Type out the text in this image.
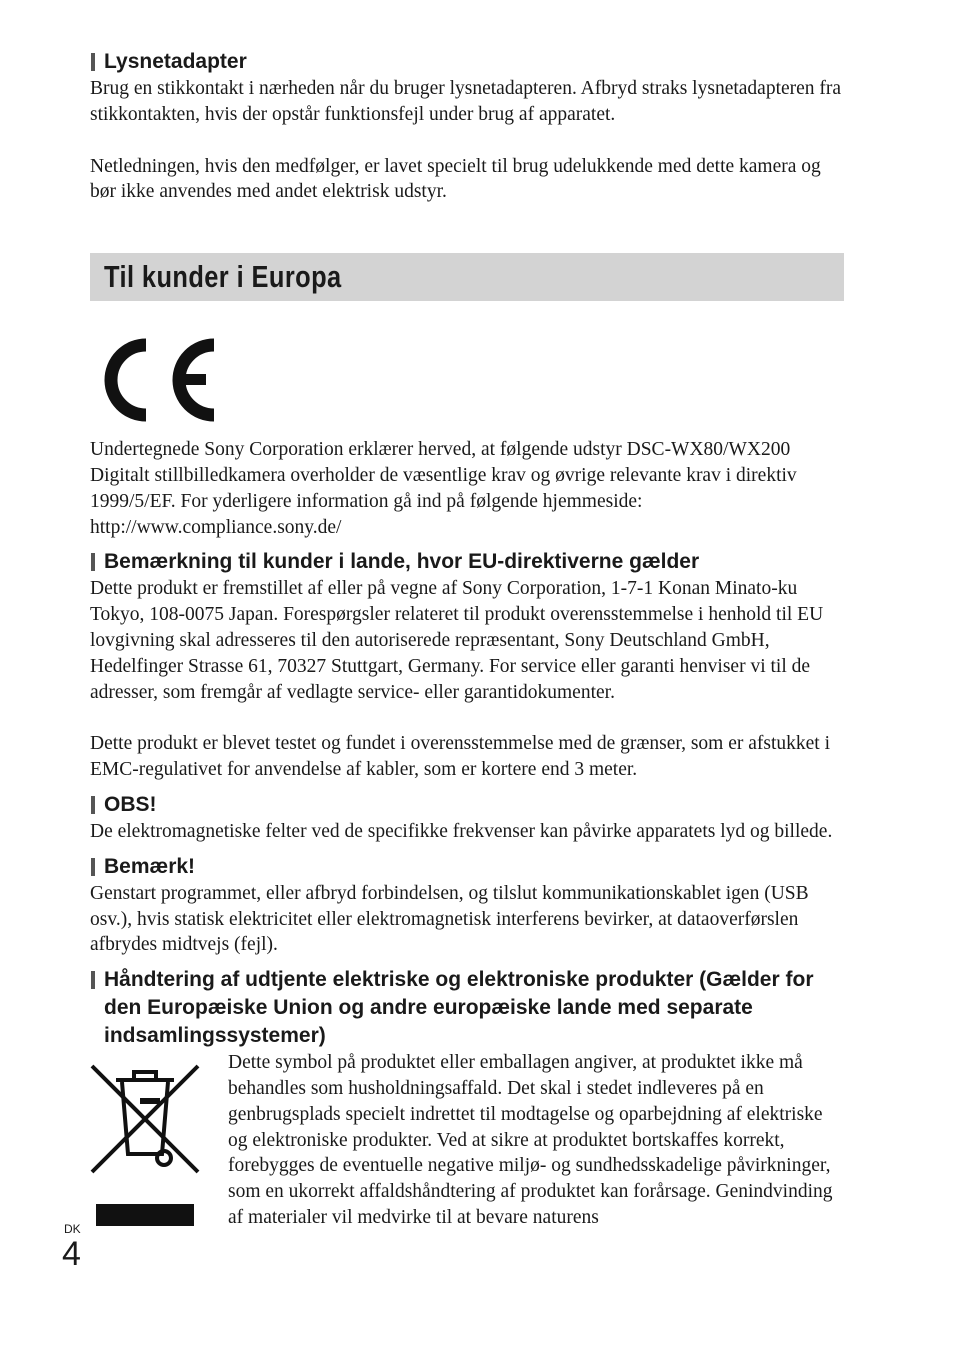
Lysnetadapter

Brug en stikkontakt i nærheden når du bruger lysnetadapteren. Afbryd straks lysnetadapteren fra stikkontakten, hvis der opstår funktionsfejl under brug af apparatet.

Netledningen, hvis den medfølger, er lavet specielt til brug udelukkende med dette kamera og bør ikke anvendes med andet elektrisk udstyr.

Til kunder i Europa

Undertegnede Sony Corporation erklærer herved, at følgende udstyr DSC-WX80/WX200 Digitalt stillbilledkamera overholder de væsentlige krav og øvrige relevante krav i direktiv 1999/5/EF. For yderligere information gå ind på følgende hjemmeside: http://www.compliance.sony.de/

Bemærkning til kunder i lande, hvor EU-direktiverne gælder

Dette produkt er fremstillet af eller på vegne af Sony Corporation, 1-7-1 Konan Minato-ku Tokyo, 108-0075 Japan. Forespørgsler relateret til produkt overensstemmelse i henhold til EU lovgivning skal adresseres til den autoriserede repræsentant, Sony Deutschland GmbH, Hedelfinger Strasse 61, 70327 Stuttgart, Germany. For service eller garanti henviser vi til de adresser, som fremgår af vedlagte service- eller garantidokumenter.

Dette produkt er blevet testet og fundet i overensstemmelse med de grænser, som er afstukket i EMC-regulativet for anvendelse af kabler, som er kortere end 3 meter.

OBS!

De elektromagnetiske felter ved de specifikke frekvenser kan påvirke apparatets lyd og billede.

Bemærk!

Genstart programmet, eller afbryd forbindelsen, og tilslut kommunikationskablet igen (USB osv.), hvis statisk elektricitet eller elektromagnetisk interferens bevirker, at dataoverførslen afbrydes midtvejs (fejl).

Håndtering af udtjente elektriske og elektroniske produkter (Gælder for den Europæiske Union og andre europæiske lande med separate indsamlingssystemer)

Dette symbol på produktet eller emballagen angiver, at produktet ikke må behandles som husholdningsaffald. Det skal i stedet indleveres på en genbrugsplads specielt indrettet til modtagelse og oparbejdning af elektriske og elektroniske produkter. Ved at sikre at produktet bortskaffes korrekt, forebygges de eventuelle negative miljø- og sundhedsskadelige påvirkninger, som en ukorrekt affaldshåndtering af produktet kan forårsage. Genindvinding af materialer vil medvirke til at bevare naturens

DK
4
